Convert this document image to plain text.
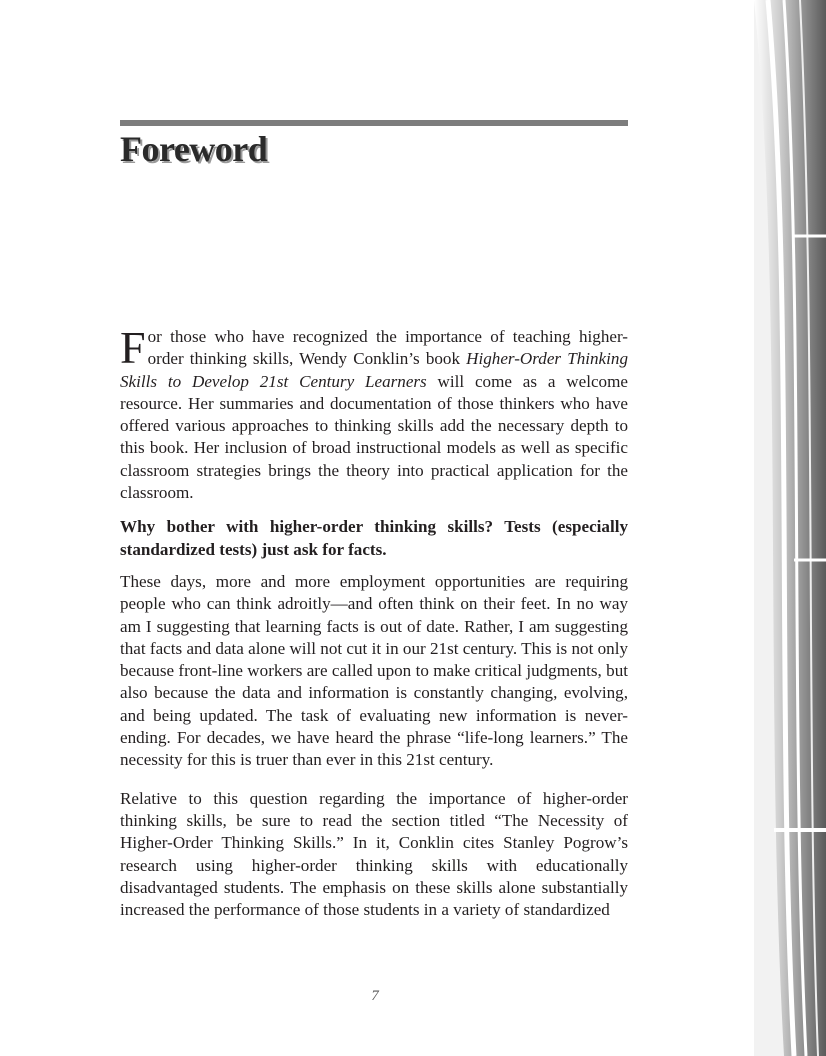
Foreword

For those who have recognized the importance of teaching higher-order thinking skills, Wendy Conklin’s book Higher-Order Thinking Skills to Develop 21st Century Learners will come as a welcome resource. Her summaries and documentation of those thinkers who have offered various approaches to thinking skills add the necessary depth to this book. Her inclusion of broad instructional models as well as specific classroom strategies brings the theory into practical application for the classroom.

Why bother with higher-order thinking skills? Tests (especially standardized tests) just ask for facts.

These days, more and more employment opportunities are requiring people who can think adroitly—and often think on their feet. In no way am I suggesting that learning facts is out of date. Rather, I am suggesting that facts and data alone will not cut it in our 21st century. This is not only because front-line workers are called upon to make critical judgments, but also because the data and information is constantly changing, evolving, and being updated. The task of evaluating new information is never-ending. For decades, we have heard the phrase “life-long learners.” The necessity for this is truer than ever in this 21st century.

Relative to this question regarding the importance of higher-order thinking skills, be sure to read the section titled “The Necessity of Higher-Order Thinking Skills.” In it, Conklin cites Stanley Pogrow’s research using higher-order thinking skills with educationally disadvantaged students. The emphasis on these skills alone substantially increased the performance of those students in a variety of standardized

7
